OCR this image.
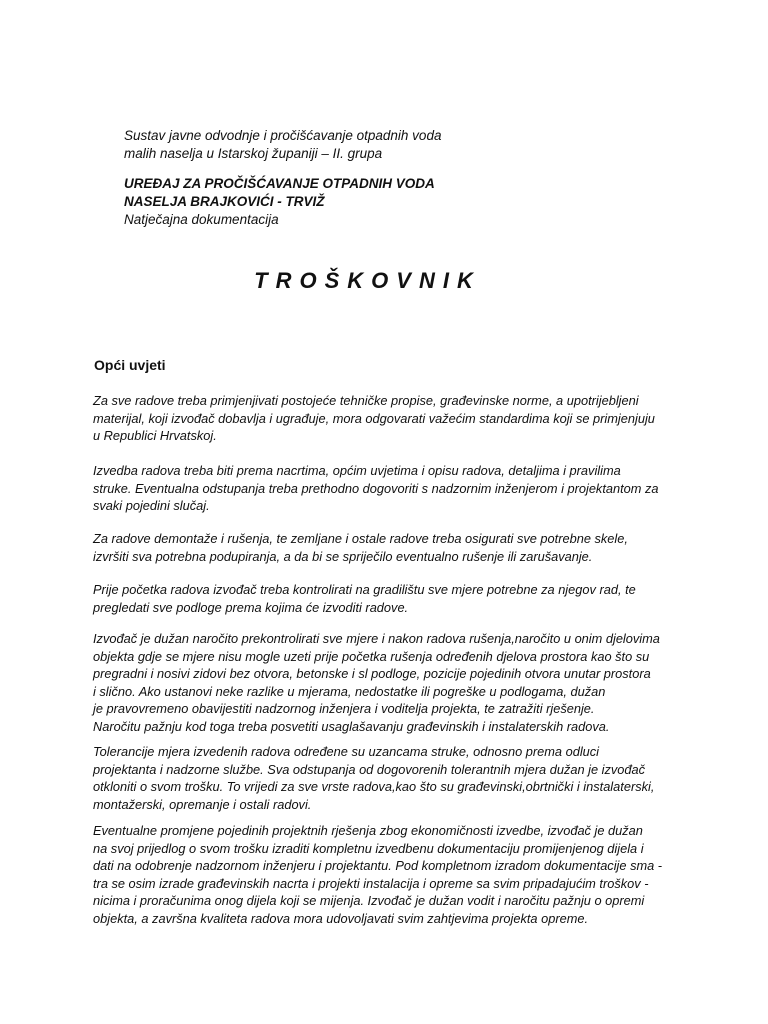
Sustav javne odvodnje i pročišćavanje otpadnih voda

malih naselja u Istarskoj županiji – II. grupa

UREĐAJ ZA PROČIŠĆAVANJE OTPADNIH VODA

NASELJA BRAJKOVIĆI - TRVIŽ

Natječajna dokumentacija

TROŠKOVNIK
Opći uvjeti

Za sve radove treba primjenjivati postojeće tehničke propise, građevinske norme, a upotrijebljeni

materijal, koji izvođač dobavlja i ugrađuje, mora odgovarati važećim standardima koji se primjenjuju

u Republici Hrvatskoj.

Izvedba radova treba biti prema nacrtima, općim uvjetima i opisu radova, detaljima i pravilima

struke. Eventualna odstupanja treba prethodno dogovoriti s nadzornim inženjerom i projektantom za

svaki pojedini slučaj.

Za radove demontaže i rušenja, te zemljane i ostale radove treba osigurati sve potrebne skele,

izvršiti sva potrebna podupiranja, a da bi se spriječilo eventualno rušenje ili zarušavanje.

Prije početka radova izvođač treba kontrolirati na gradilištu sve mjere potrebne za njegov rad, te

pregledati sve podloge prema kojima će izvoditi radove.

Izvođač je dužan naročito prekontrolirati sve mjere i nakon radova rušenja,naročito u onim djelovima

objekta gdje se mjere nisu mogle uzeti prije početka rušenja određenih djelova prostora kao što su

pregradni i nosivi zidovi bez otvora, betonske i sl podloge, pozicije pojedinih otvora unutar prostora

i slično. Ako ustanovi neke razlike u mjerama, nedostatke ili pogreške u podlogama, dužan

je pravovremeno obavijestiti nadzornog inženjera i voditelja projekta, te zatražiti rješenje.

Naročitu pažnju kod toga treba posvetiti usaglašavanju građevinskih i instalaterskih radova.

Tolerancije mjera izvedenih radova određene su uzancama struke, odnosno prema odluci

projektanta i nadzorne službe. Sva odstupanja od dogovorenih tolerantnih mjera dužan je izvođač

otkloniti o svom trošku. To vrijedi za sve vrste radova,kao što su građevinski,obrtnički i instalaterski,

montažerski, opremanje i ostali radovi.

Eventualne promjene pojedinih projektnih rješenja zbog ekonomičnosti izvedbe, izvođač je dužan

na svoj prijedlog o svom trošku izraditi kompletnu izvedbenu dokumentaciju promijenjenog dijela i

dati na odobrenje nadzornom inženjeru i projektantu. Pod kompletnom izradom dokumentacije sma -

tra se osim izrade građevinskih nacrta i projekti instalacija i opreme sa svim pripadajućim troškov -

nicima i proračunima onog dijela koji se mijenja. Izvođač je dužan vodit i naročitu pažnju o opremi

objekta, a završna kvaliteta radova mora udovoljavati svim zahtjevima projekta opreme.
